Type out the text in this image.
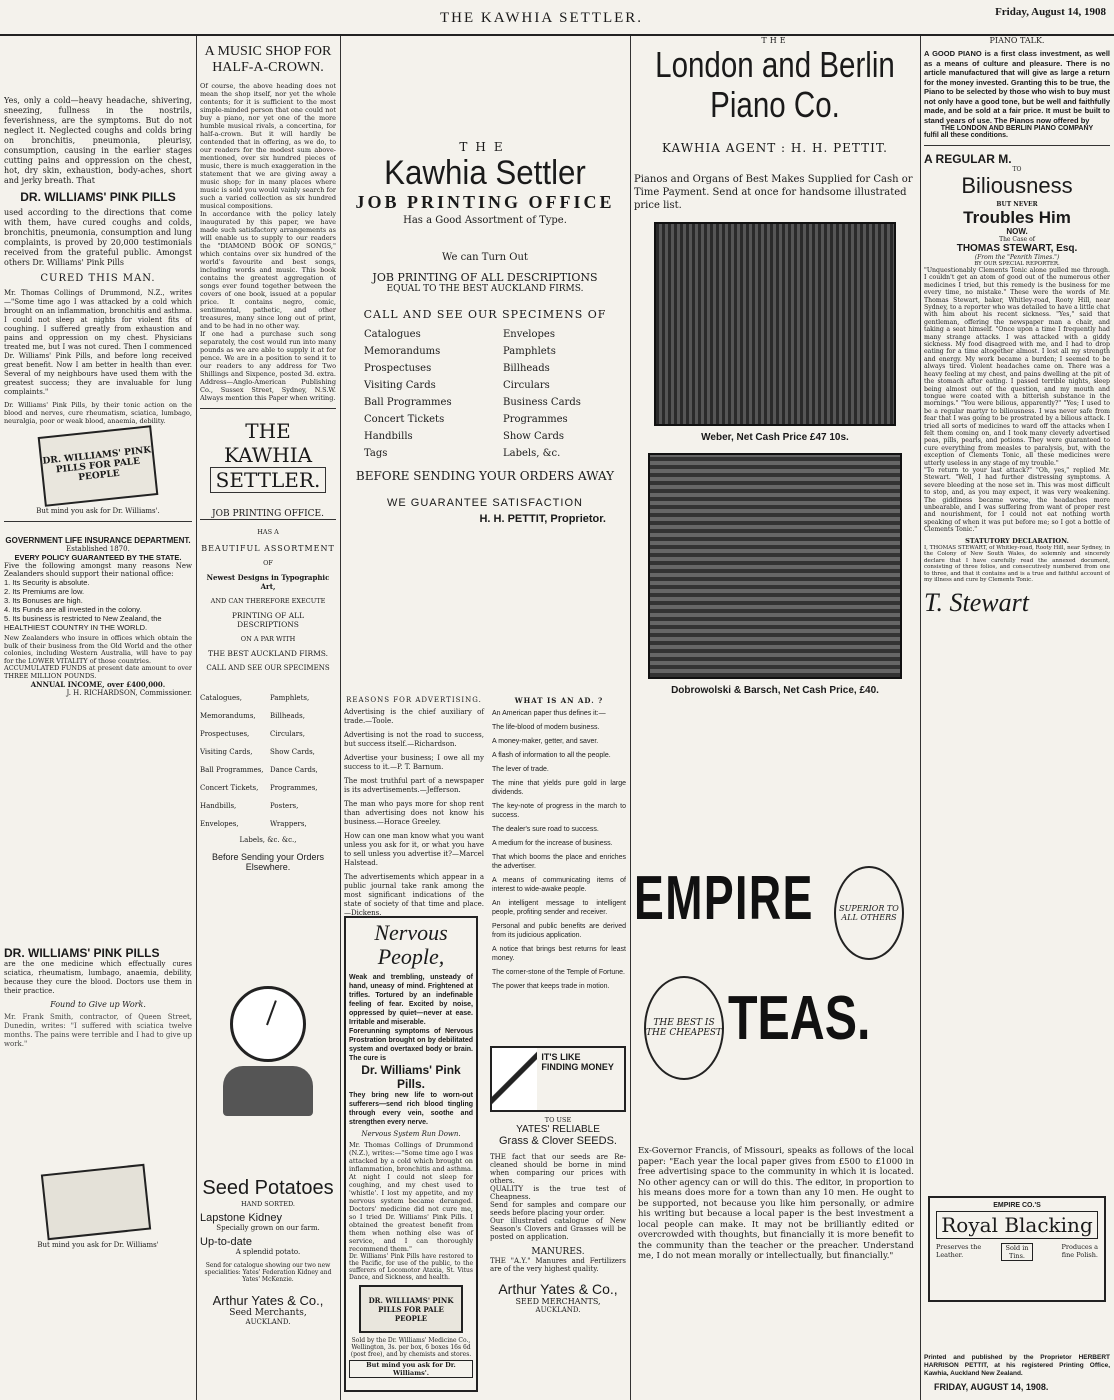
THE KAWHIA SETTLER.	Friday, August 14, 1908
Yes, only a cold—heavy headache, shivering, sneezing, fullness in the nostrils, feverishness, are the symptoms. But do not neglect it. Neglected coughs and colds bring on bronchitis, pneumonia, pleurisy, consumption, causing in the earlier stages cutting pains and oppression on the chest, hot, dry skin, exhaustion, body-aches, short and jerky breath. That
DR. WILLIAMS' PINK PILLS
used according to the directions that come with them, have cured coughs and colds, bronchitis, pneumonia, consumption and lung complaints, is proved by 20,000 testimonials received from the grateful public. Amongst others Dr. Williams' Pink Pills
CURED THIS MAN.
Mr. Thomas Collings of Drummond, N.Z., writes—"Some time ago I was attacked by a cold which brought on an inflammation, bronchitis and asthma. I could not sleep at nights for violent fits of coughing. I suffered greatly from exhaustion and pains and oppression on my chest. Physicians treated me, but I was not cured. Then I commenced Dr. Williams' Pink Pills, and before long received great benefit. Now I am better in health than ever. Several of my neighbours have used them with the greatest success; they are invaluable for lung complaints."
Dr. Williams' Pink Pills, by their tonic action on the blood and nerves, cure rheumatism, sciatica, lumbago, neuralgia, poor or weak blood, anaemia, debility.
DR. WILLIAMS' PINK PILLS FOR PALE PEOPLE
But mind you ask for Dr. Williams'.
GOVERNMENT LIFE INSURANCE DEPARTMENT.
Established 1870.
EVERY POLICY GUARANTEED BY THE STATE.
Five the following amongst many reasons New Zealanders should support their national office:
1. Its Security is absolute.
2. Its Premiums are low.
3. Its Bonuses are high.
4. Its Funds are all invested in the colony.
5. Its business is restricted to New Zealand, the HEALTHIEST COUNTRY IN THE WORLD.
New Zealanders who insure in offices which obtain the bulk of their business from the Old World and the other colonies, including Western Australia, will have to pay for the LOWER VITALITY of those countries.
ACCUMULATED FUNDS at present date amount to over THREE MILLION POUNDS.
ANNUAL INCOME, over £400,000.
J. H. RICHARDSON, Commissioner.
DR. WILLIAMS' PINK PILLS
are the one medicine which effectually cures sciatica, rheumatism, lumbago, anaemia, debility, because they cure the blood. Doctors use them in their practice.
Found to Give up Work.
Mr. Frank Smith, contractor, of Queen Street, Dunedin, writes: "I suffered with sciatica twelve months. The pains were terrible and I had to give up work."
But mind you ask for Dr. Williams'
A MUSIC SHOP FOR HALF-A-CROWN.
Of course, the above heading does not mean the shop itself, nor yet the whole contents; for it is sufficient to the most simple-minded person that one could not buy a piano, nor yet one of the more humble musical rivals, a concertina, for half-a-crown. But it will hardly be contended that in offering, as we do, to our readers for the modest sum above-mentioned, over six hundred pieces of music, there is much exaggeration in the statement that we are giving away a music shop; for in many places where music is sold you would vainly search for such a varied collection as six hundred musical compositions.
In accordance with the policy lately inaugurated by this paper, we have made such satisfactory arrangements as will enable us to supply to our readers the "DIAMOND BOOK OF SONGS," which contains over six hundred of the world's favourite and best songs, including words and music. This book contains the greatest aggregation of songs ever found together between the covers of one book, issued at a popular price. It contains negro, comic, sentimental, pathetic, and other treasures, many since long out of print, and to be had in no other way.
If one had a purchase such song separately, the cost would run into many pounds as we are able to supply it at for pence. We are in a position to send it to our readers to any address for Two Shillings and Sixpence, posted 3d. extra. Address—Anglo-American Publishing Co., Sussex Street, Sydney, N.S.W. Always mention this Paper when writing.
THE
KAWHIA
SETTLER.
JOB PRINTING OFFICE.
HAS A
BEAUTIFUL ASSORTMENT
OF
Newest Designs in Typographic Art,
AND CAN THEREFORE EXECUTE
PRINTING OF ALL DESCRIPTIONS
ON A PAR WITH
THE BEST AUCKLAND FIRMS.
CALL AND SEE OUR SPECIMENS
Catalogues,	Pamphlets,
Memorandums,	Billheads,
Prospectuses,	Circulars,
Visiting Cards,	Show Cards,
Ball Programmes, Dance Cards,
Concert Tickets,	Programmes,
Handbills,	Posters,
Envelopes,	Wrappers,
Labels, &c. &c.,
Before Sending your Orders Elsewhere.
Seed Potatoes
HAND SORTED.
Lapstone Kidney
Specially grown on our farm.
Up-to-date
A splendid potato.
Send for catalogue showing our two new specialities: Yates' Federation Kidney and Yates' McKenzie.
Arthur Yates & Co.,
Seed Merchants,
AUCKLAND.
THE
Kawhia Settler
JOB PRINTING OFFICE
Has a Good Assortment of Type.
We can Turn Out
JOB PRINTING OF ALL DESCRIPTIONS
EQUAL TO THE BEST AUCKLAND FIRMS.
CALL AND SEE OUR SPECIMENS OF
Catalogues	Envelopes
Memorandums	Pamphlets
Prospectuses	Billheads
Visiting Cards	Circulars
Ball Programmes	Business Cards
Concert Tickets	Programmes
Handbills	Show Cards
Tags	Labels, &c.
BEFORE SENDING YOUR ORDERS AWAY
WE GUARANTEE SATISFACTION
H. H. PETTIT, Proprietor.
REASONS FOR ADVERTISING.

Advertising is the chief auxiliary of trade.—Toole.

Advertising is not the road to success, but success itself.—Richardson.

Advertise your business; I owe all my success to it.—P. T. Barnum.

The most truthful part of a newspaper is its advertisements.—Jefferson.

The man who pays more for shop rent than advertising does not know his business.—Horace Greeley.

How can one man know what you want unless you ask for it, or what you have to sell unless you advertise it?—Marcel Halstead.

The advertisements which appear in a public journal take rank among the most significant indications of the state of society of that time and place.—Dickens.

WHAT IS AN AD. ?

An American paper thus defines it:—

The life-blood of modern business.

A money-maker, getter, and saver.

A flash of information to all the people.

The lever of trade.

The mine that yields pure gold in large dividends.

The key-note of progress in the march to success.

The dealer's sure road to success.

A medium for the increase of business.

That which booms the place and enriches the advertiser.

A means of communicating items of interest to wide-awake people.

An intelligent message to intelligent people, profiting sender and receiver.

Personal and public benefits are derived from its judicious application.

A notice that brings best returns for least money.

The corner-stone of the Temple of Fortune.

The power that keeps trade in motion.

Nervous People,
Weak and trembling, unsteady of hand, uneasy of mind. Frightened at trifles. Tortured by an indefinable feeling of fear. Excited by noise, oppressed by quiet—never at ease. Irritable and miserable.
Forerunning symptoms of Nervous Prostration brought on by debilitated system and overtaxed body or brain. The cure is
Dr. Williams' Pink Pills.
They bring new life to worn-out sufferers—send rich blood tingling through every vein, soothe and strengthen every nerve.
Nervous System Run Down.
Mr. Thomas Collings of Drummond (N.Z.), writes:—"Some time ago I was attacked by a cold which brought on inflammation, bronchitis and asthma. At night I could not sleep for coughing, and my chest used to 'whistle'. I lost my appetite, and my nervous system became deranged. Doctors' medicine did not cure me, so I tried Dr. Williams' Pink Pills. I obtained the greatest benefit from them when nothing else was of service, and I can thoroughly recommend them."
Dr. Williams' Pink Pills have restored to the Pacific, for use of the public, to the sufferers of Locomotor Ataxia, St. Vitus Dance, and Sickness, and health.
DR. WILLIAMS' PINK PILLS FOR PALE PEOPLE
Sold by the Dr. Williams' Medicine Co., Wellington, 3s. per box, 6 boxes 16s 6d (post free), and by chemists and stores.
But mind you ask for Dr. Williams'.
IT'S LIKE FINDING MONEY
TO USE
YATES' RELIABLE
Grass & Clover SEEDS.
THE fact that our seeds are Re-cleaned should be borne in mind when comparing our prices with others.
QUALITY is the true test of Cheapness.
Send for samples and compare our seeds before placing your order.
Our illustrated catalogue of New Season's Clovers and Grasses will be posted on application.
MANURES.
THE "A.Y." Manures and Fertilizers are of the very highest quality.
Arthur Yates & Co.,
SEED MERCHANTS,
AUCKLAND.
THE
London and Berlin
Piano Co.
KAWHIA AGENT : H. H. PETTIT.
Pianos and Organs of Best Makes Supplied for Cash or Time Payment. Send at once for handsome illustrated price list.
Weber, Net Cash Price £47 10s.
Dobrowolski & Barsch, Net Cash Price, £40.
EMPIRE	SUPERIOR TO ALL OTHERS
THE BEST IS THE CHEAPEST TEAS.
Ex-Governor Francis, of Missouri, speaks as follows of the local paper: "Each year the local paper gives from £500 to £1000 in free advertising space to the community in which it is located. No other agency can or will do this. The editor, in proportion to his means does more for a town than any 10 men. He ought to be supported, not because you like him personally, or admire his writing but because a local paper is the best investment a local people can make. It may not be brilliantly edited or overcrowded with thoughts, but financially it is more benefit to the community than the teacher or the preacher. Understand me, I do not mean morally or intellectually, but financially."
PIANO TALK.
A GOOD PIANO is a first class investment, as well as a means of culture and pleasure. There is no article manufactured that will give as large a return for the money invested. Granting this to be true, the Piano to be selected by those who wish to buy must not only have a good tone, but be well and faithfully made, and be sold at a fair price. It must be built to stand years of use. The Pianos now offered by
THE LONDON AND BERLIN PIANO COMPANY
fulfil all these conditions.
A REGULAR M.
TO
Biliousness
BUT NEVER
Troubles Him
NOW.
The Case of
THOMAS STEWART, Esq.
(From the "Penrith Times.")
BY OUR SPECIAL REPORTER.
"Unquestionably Clements Tonic alone pulled me through. I couldn't get an atom of good out of the numerous other medicines I tried, but this remedy is the business for me every time, no mistake." These were the words of Mr. Thomas Stewart, baker, Whitley-road, Rooty Hill, near Sydney, to a reporter who was detailed to have a little chat with him about his recent sickness. "Yes," said that gentleman, offering the newspaper man a chair, and taking a seat himself. "Once upon a time I frequently had many strange attacks. I was attacked with a giddy sickness. My food disagreed with me, and I had to drop eating for a time altogether almost. I lost all my strength and energy. My work became a burden; I seemed to be always tired. Violent headaches came on. There was a heavy feeling at my chest, and pains dwelling at the pit of the stomach after eating. I passed terrible nights, sleep being almost out of the question, and my mouth and tongue were coated with a bitterish substance in the mornings." "You were bilious, apparently?" "Yes; I used to be a regular martyr to biliousness. I was never safe from fear that I was going to be prostrated by a bilious attack. I tried all sorts of medicines to ward off the attacks when I felt them coming on, and I took many cleverly advertised peas, pills, pearls, and potions. They were guaranteed to cure everything from measles to paralysis, but, with the exception of Clements Tonic, all these medicines were utterly useless in any stage of my trouble."
"To return to your last attack?" "Oh, yes," replied Mr. Stewart. "Well, I had further distressing symptoms. A severe bleeding at the nose set in. This was most difficult to stop, and, as you may expect, it was very weakening. The giddiness became worse, the headaches more unbearable, and I was suffering from want of proper rest and nourishment, for I could not eat nothing worth speaking of when it was put before me; so I got a bottle of Clements Tonic."
STATUTORY DECLARATION.
I, THOMAS STEWART, of Whitley-road, Rooty Hill, near Sydney, in the Colony of New South Wales, do solemnly and sincerely declare that I have carefully read the annexed document, consisting of three folios, and consecutively numbered from one to three, and that it contains and is a true and faithful account of my illness and cure by Clements Tonic.
T. Stewart
EMPIRE CO.'S
Royal Blacking
Preserves the Leather.
Sold in Tins.
Produces a fine Polish.
Printed and published by the Proprietor HERBERT HARRISON PETTIT, at his registered Printing Office, Kawhia, Auckland New Zealand.
FRIDAY, AUGUST 14, 1908.
